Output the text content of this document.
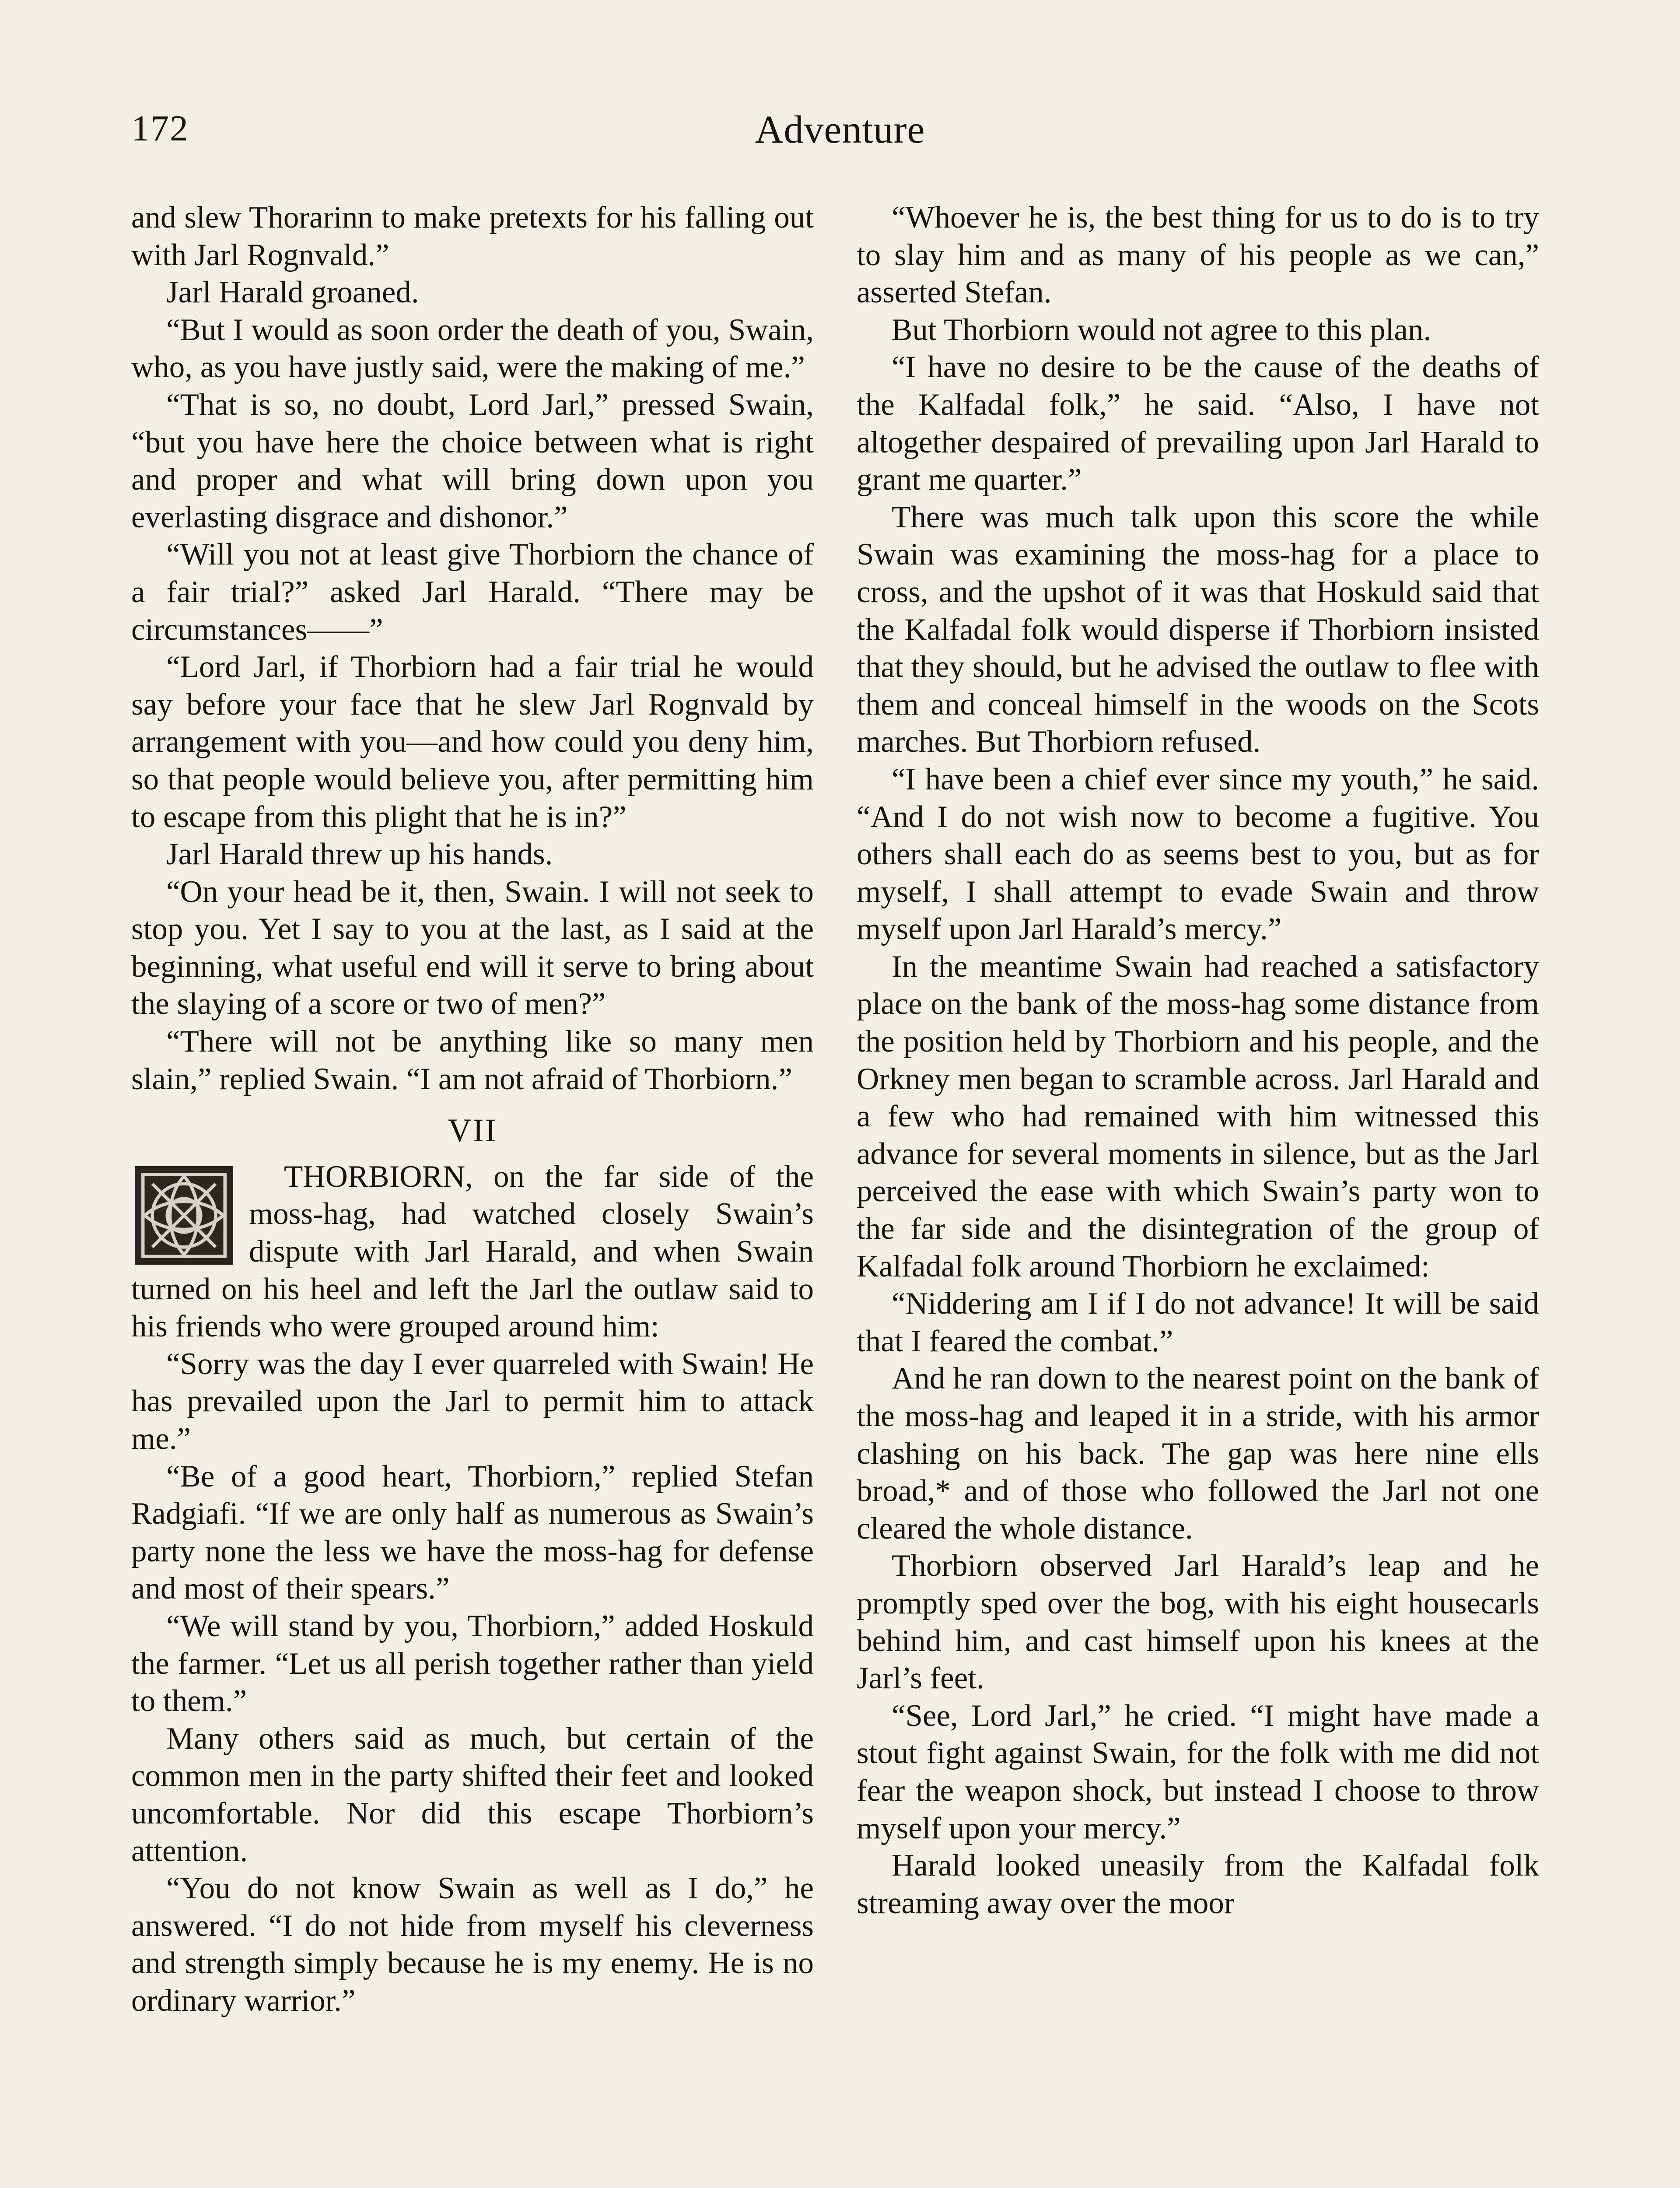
172	Adventure

and slew Thorarinn to make pretexts for his falling out with Jarl Rognvald.”

Jarl Harald groaned.

“But I would as soon order the death of you, Swain, who, as you have justly said, were the making of me.”

“That is so, no doubt, Lord Jarl,” pressed Swain, “but you have here the choice between what is right and proper and what will bring down upon you everlasting disgrace and dishonor.”

“Will you not at least give Thorbiorn the chance of a fair trial?” asked Jarl Harald. “There may be circumstances——”

“Lord Jarl, if Thorbiorn had a fair trial he would say before your face that he slew Jarl Rognvald by arrangement with you—and how could you deny him, so that people would believe you, after permitting him to escape from this plight that he is in?”

Jarl Harald threw up his hands.

“On your head be it, then, Swain. I will not seek to stop you. Yet I say to you at the last, as I said at the beginning, what useful end will it serve to bring about the slaying of a score or two of men?”

“There will not be anything like so many men slain,” replied Swain. “I am not afraid of Thorbiorn.”

VII

THORBIORN, on the far side of the moss-hag, had watched closely Swain’s dispute with Jarl Harald, and when Swain turned on his heel and left the Jarl the outlaw said to his friends who were grouped around him:

“Sorry was the day I ever quarreled with Swain! He has prevailed upon the Jarl to permit him to attack me.”

“Be of a good heart, Thorbiorn,” replied Stefan Radgiafi. “If we are only half as numerous as Swain’s party none the less we have the moss-hag for defense and most of their spears.”

“We will stand by you, Thorbiorn,” added Hoskuld the farmer. “Let us all perish together rather than yield to them.”

Many others said as much, but certain of the common men in the party shifted their feet and looked uncomfortable. Nor did this escape Thorbiorn’s attention.

“You do not know Swain as well as I do,” he answered. “I do not hide from myself his cleverness and strength simply because he is my enemy. He is no ordinary warrior.”

“Whoever he is, the best thing for us to do is to try to slay him and as many of his people as we can,” asserted Stefan.

But Thorbiorn would not agree to this plan.

“I have no desire to be the cause of the deaths of the Kalfadal folk,” he said. “Also, I have not altogether despaired of prevailing upon Jarl Harald to grant me quarter.”

There was much talk upon this score the while Swain was examining the moss-hag for a place to cross, and the upshot of it was that Hoskuld said that the Kalfadal folk would disperse if Thorbiorn insisted that they should, but he advised the outlaw to flee with them and conceal himself in the woods on the Scots marches. But Thorbiorn refused.

“I have been a chief ever since my youth,” he said. “And I do not wish now to become a fugitive. You others shall each do as seems best to you, but as for myself, I shall attempt to evade Swain and throw myself upon Jarl Harald’s mercy.”

In the meantime Swain had reached a satisfactory place on the bank of the moss-hag some distance from the position held by Thorbiorn and his people, and the Orkney men began to scramble across. Jarl Harald and a few who had remained with him witnessed this advance for several moments in silence, but as the Jarl perceived the ease with which Swain’s party won to the far side and the disintegration of the group of Kalfadal folk around Thorbiorn he exclaimed:

“Niddering am I if I do not advance! It will be said that I feared the combat.”

And he ran down to the nearest point on the bank of the moss-hag and leaped it in a stride, with his armor clashing on his back. The gap was here nine ells broad,* and of those who followed the Jarl not one cleared the whole distance.

Thorbiorn observed Jarl Harald’s leap and he promptly sped over the bog, with his eight housecarls behind him, and cast himself upon his knees at the Jarl’s feet.

“See, Lord Jarl,” he cried. “I might have made a stout fight against Swain, for the folk with me did not fear the weapon shock, but instead I choose to throw myself upon your mercy.”

Harald looked uneasily from the Kalfadal folk streaming away over the moor
